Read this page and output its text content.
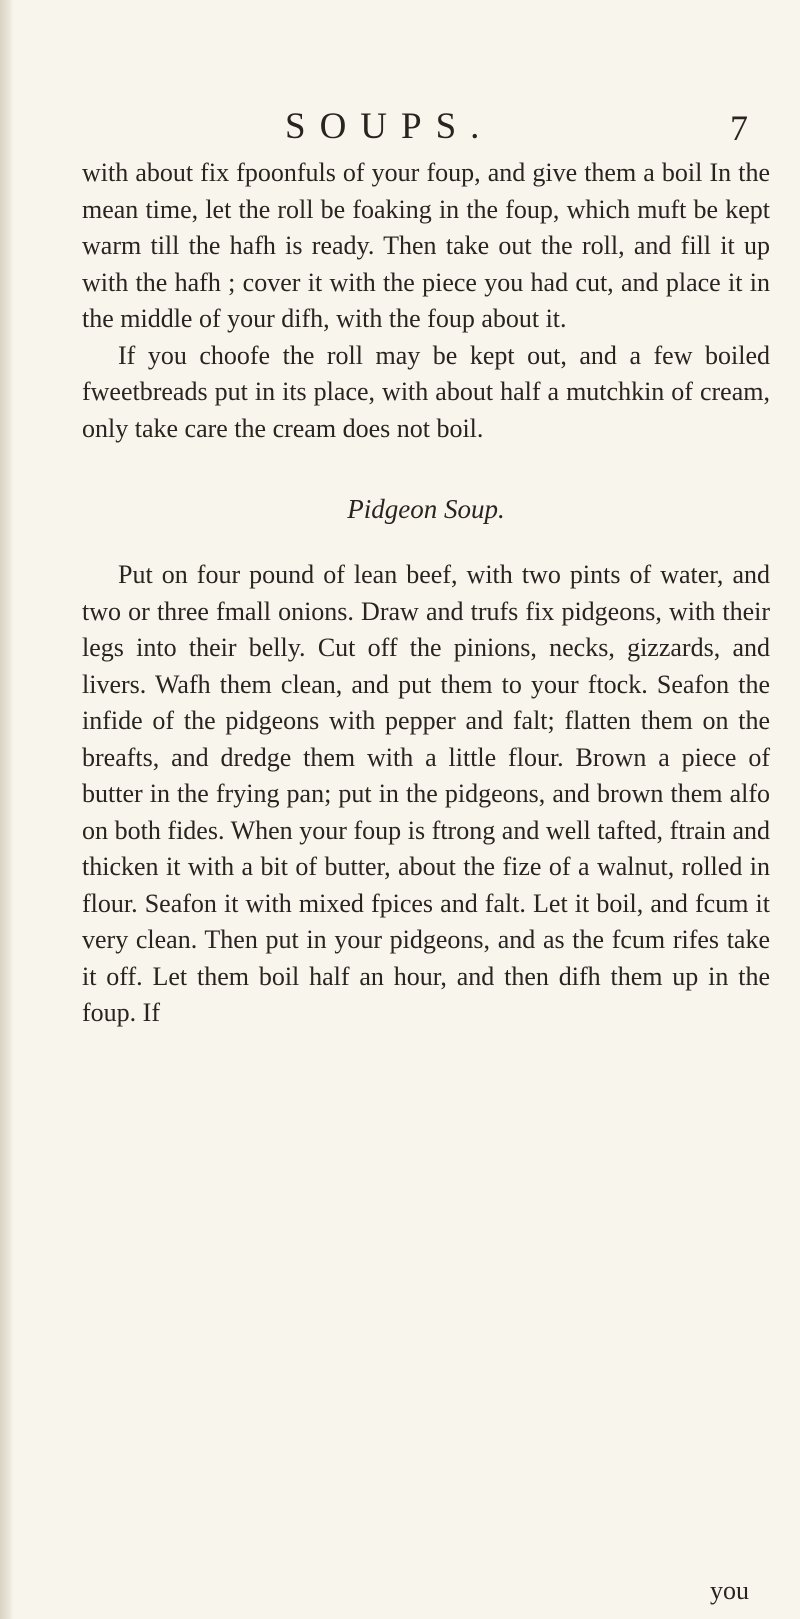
SOUPS.	7

with about fix fpoonfuls of your foup, and give them a boil In the mean time, let the roll be foaking in the foup, which muft be kept warm till the hafh is ready. Then take out the roll, and fill it up with the hafh ; cover it with the piece you had cut, and place it in the middle of your difh, with the foup about it.

If you choofe the roll may be kept out, and a few boiled fweetbreads put in its place, with about half a mutchkin of cream, only take care the cream does not boil.

Pidgeon Soup.

Put on four pound of lean beef, with two pints of water, and two or three fmall onions. Draw and trufs fix pidgeons, with their legs into their belly. Cut off the pinions, necks, gizzards, and livers. Wafh them clean, and put them to your ftock. Seafon the infide of the pidgeons with pepper and falt; flatten them on the breafts, and dredge them with a little flour. Brown a piece of butter in the frying pan; put in the pidgeons, and brown them alfo on both fides. When your foup is ftrong and well tafted, ftrain and thicken it with a bit of butter, about the fize of a walnut, rolled in flour. Seafon it with mixed fpices and falt. Let it boil, and fcum it very clean. Then put in your pidgeons, and as the fcum rifes take it off. Let them boil half an hour, and then difh them up in the foup. If

you
